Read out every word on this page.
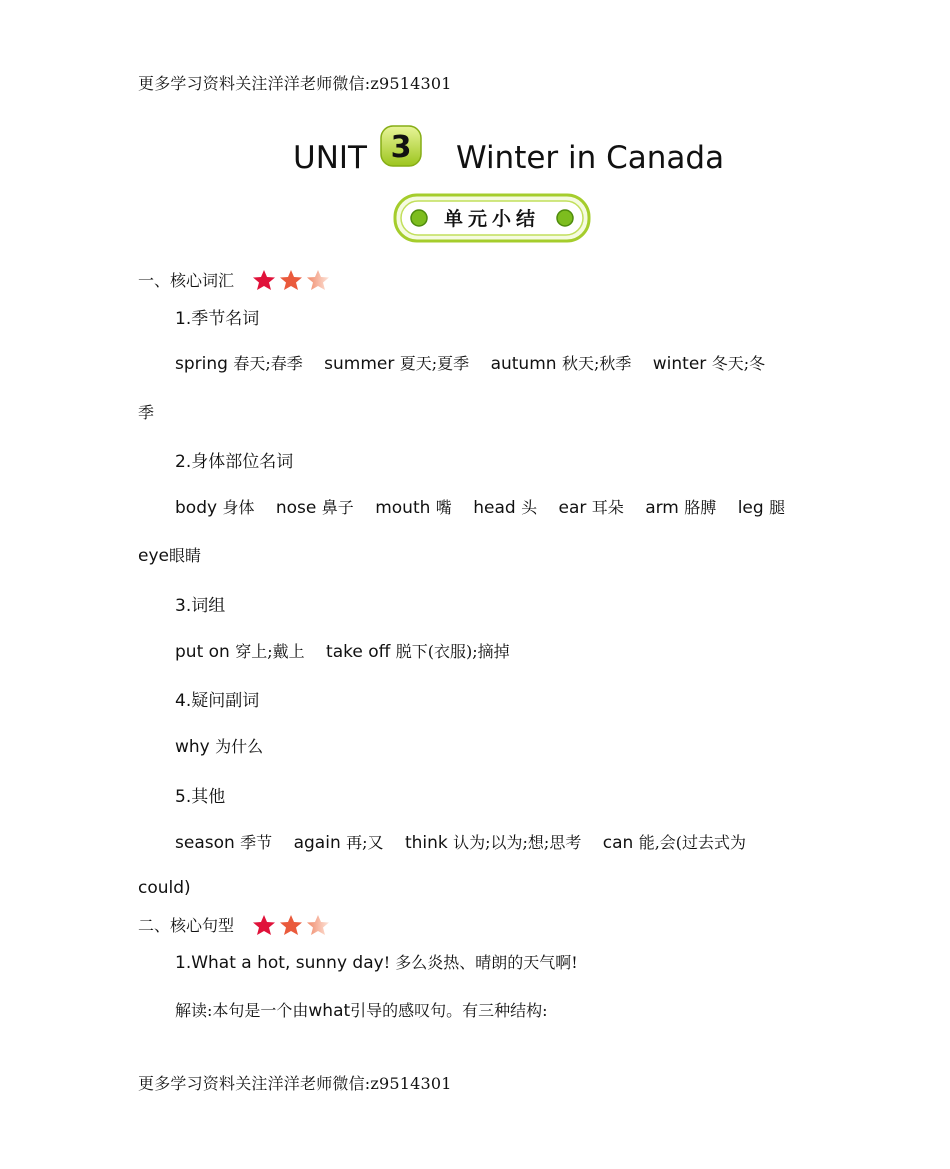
更多学习资料关注洋洋老师微信:z9514301
UNIT 3 Winter in Canada
单元小结
一、核心词汇
1.季节名词
spring 春天;春季 summer 夏天;夏季 autumn 秋天;秋季 winter 冬天;冬
季
2.身体部位名词
body 身体 nose 鼻子 mouth 嘴 head 头 ear 耳朵 arm 胳膊 leg 腿
eye眼睛
3.词组
put on 穿上;戴上 take off 脱下(衣服);摘掉
4.疑问副词
why 为什么
5.其他
season 季节 again 再;又 think 认为;以为;想;思考 can 能,会(过去式为
could)
二、核心句型
1.What a hot, sunny day! 多么炎热、晴朗的天气啊!
解读:本句是一个由what引导的感叹句。有三种结构:
更多学习资料关注洋洋老师微信:z9514301
